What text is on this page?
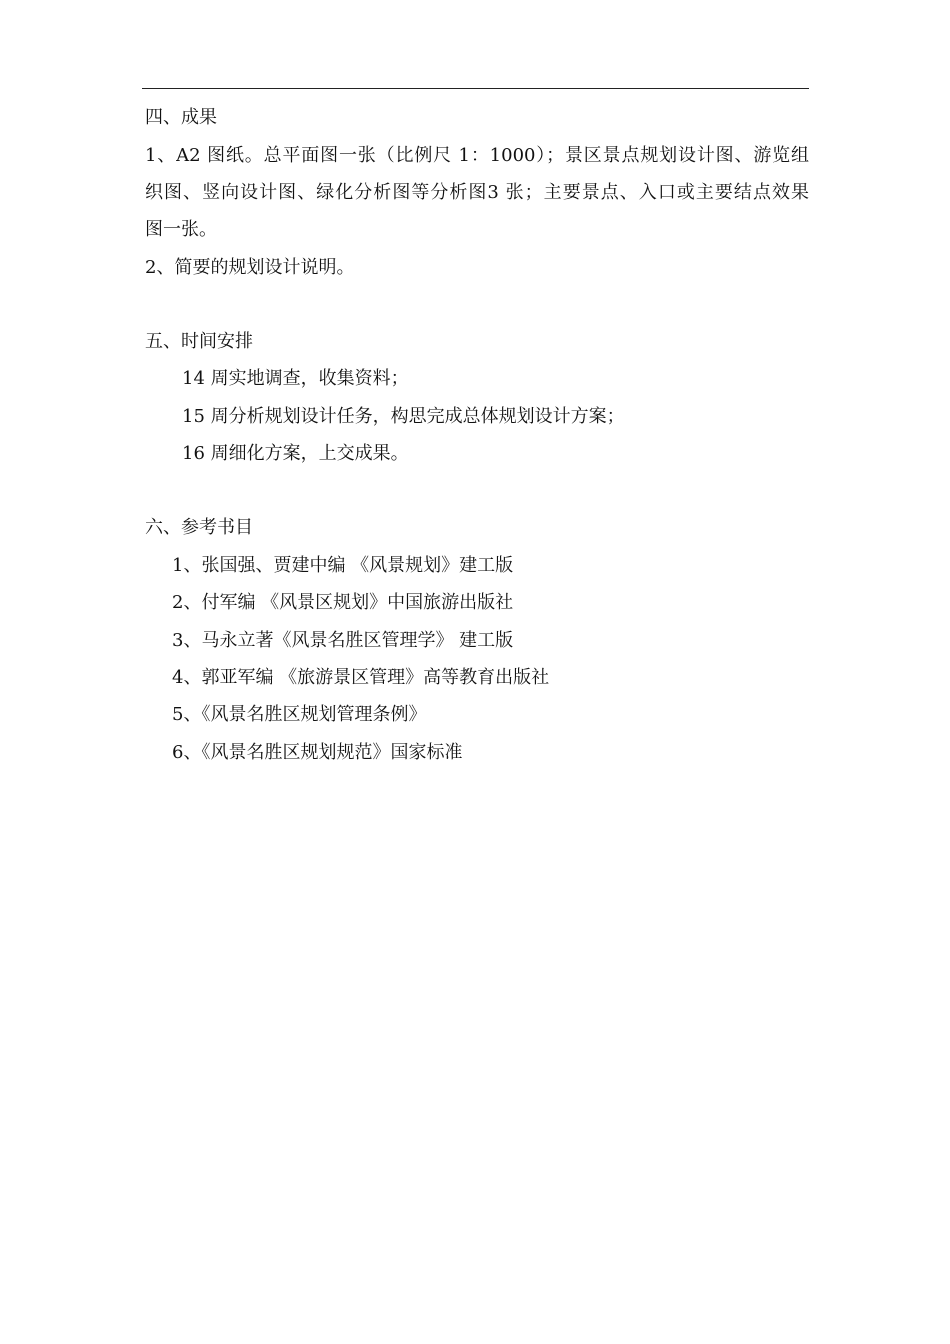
四、成果
1、A2 图纸。总平面图一张（比例尺 1：1000）；景区景点规划设计图、游览组
织图、竖向设计图、绿化分析图等分析图3 张；主要景点、入口或主要结点效果
图一张。
2、简要的规划设计说明。
五、时间安排
14 周实地调查，收集资料；
15 周分析规划设计任务，构思完成总体规划设计方案；
16 周细化方案，上交成果。
六、参考书目
1、张国强、贾建中编 《风景规划》建工版
2、付军编 《风景区规划》中国旅游出版社
3、马永立著《风景名胜区管理学》 建工版
4、郭亚军编 《旅游景区管理》高等教育出版社
5、《风景名胜区规划管理条例》
6、《风景名胜区规划规范》国家标准
